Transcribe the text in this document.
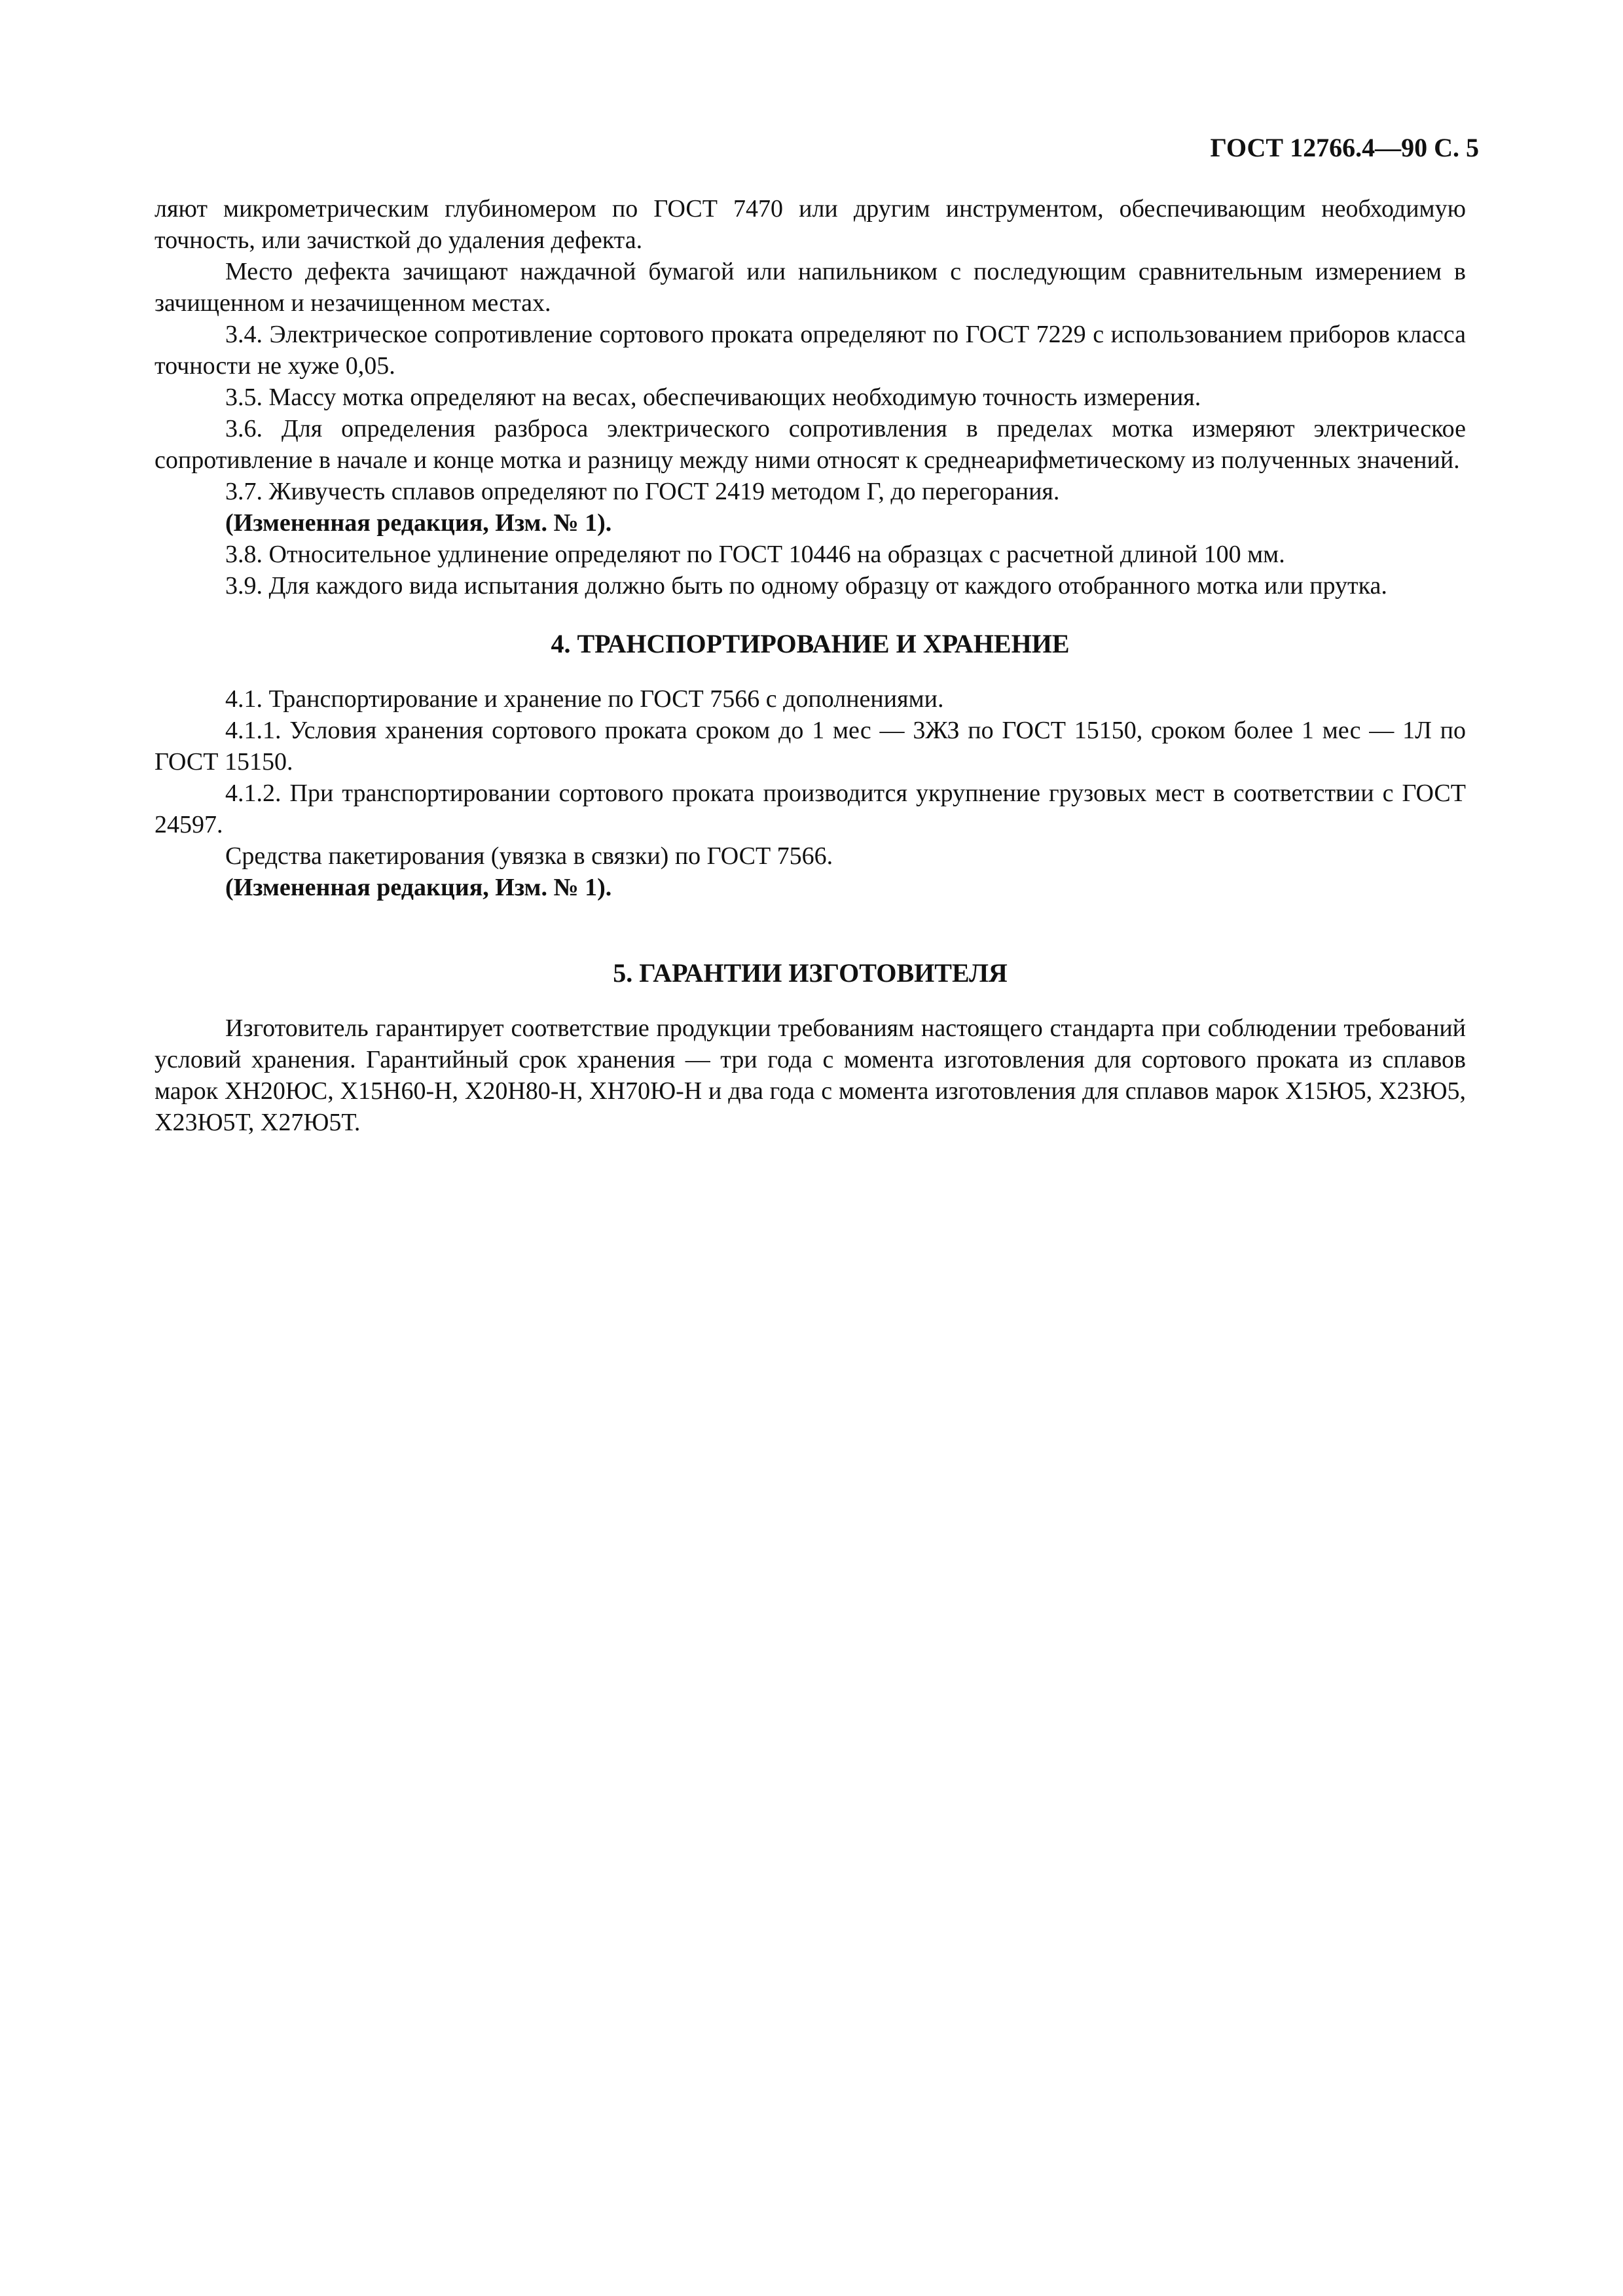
ГОСТ 12766.4—90 С. 5

ляют микрометрическим глубиномером по ГОСТ 7470 или другим инструментом, обеспечивающим необходимую точность, или зачисткой до удаления дефекта.

Место дефекта зачищают наждачной бумагой или напильником с последующим сравнительным измерением в зачищенном и незачищенном местах.

3.4. Электрическое сопротивление сортового проката определяют по ГОСТ 7229 с использованием приборов класса точности не хуже 0,05.

3.5. Массу мотка определяют на весах, обеспечивающих необходимую точность измерения.

3.6. Для определения разброса электрического сопротивления в пределах мотка измеряют электрическое сопротивление в начале и конце мотка и разницу между ними относят к среднеарифметическому из полученных значений.

3.7. Живучесть сплавов определяют по ГОСТ 2419 методом Г, до перегорания.

(Измененная редакция, Изм. № 1).

3.8. Относительное удлинение определяют по ГОСТ 10446 на образцах с расчетной длиной 100 мм.

3.9. Для каждого вида испытания должно быть по одному образцу от каждого отобранного мотка или прутка.

4. ТРАНСПОРТИРОВАНИЕ И ХРАНЕНИЕ

4.1. Транспортирование и хранение по ГОСТ 7566 с дополнениями.

4.1.1. Условия хранения сортового проката сроком до 1 мес — 3ЖЗ по ГОСТ 15150, сроком более 1 мес — 1Л по ГОСТ 15150.

4.1.2. При транспортировании сортового проката производится укрупнение грузовых мест в соответствии с ГОСТ 24597.

Средства пакетирования (увязка в связки) по ГОСТ 7566.

(Измененная редакция, Изм. № 1).

5. ГАРАНТИИ ИЗГОТОВИТЕЛЯ

Изготовитель гарантирует соответствие продукции требованиям настоящего стандарта при соблюдении требований условий хранения. Гарантийный срок хранения — три года с момента изготовления для сортового проката из сплавов марок ХН20ЮС, Х15Н60-Н, Х20Н80-Н, ХН70Ю-Н и два года с момента изготовления для сплавов марок Х15Ю5, Х23Ю5, Х23Ю5Т, Х27Ю5Т.
